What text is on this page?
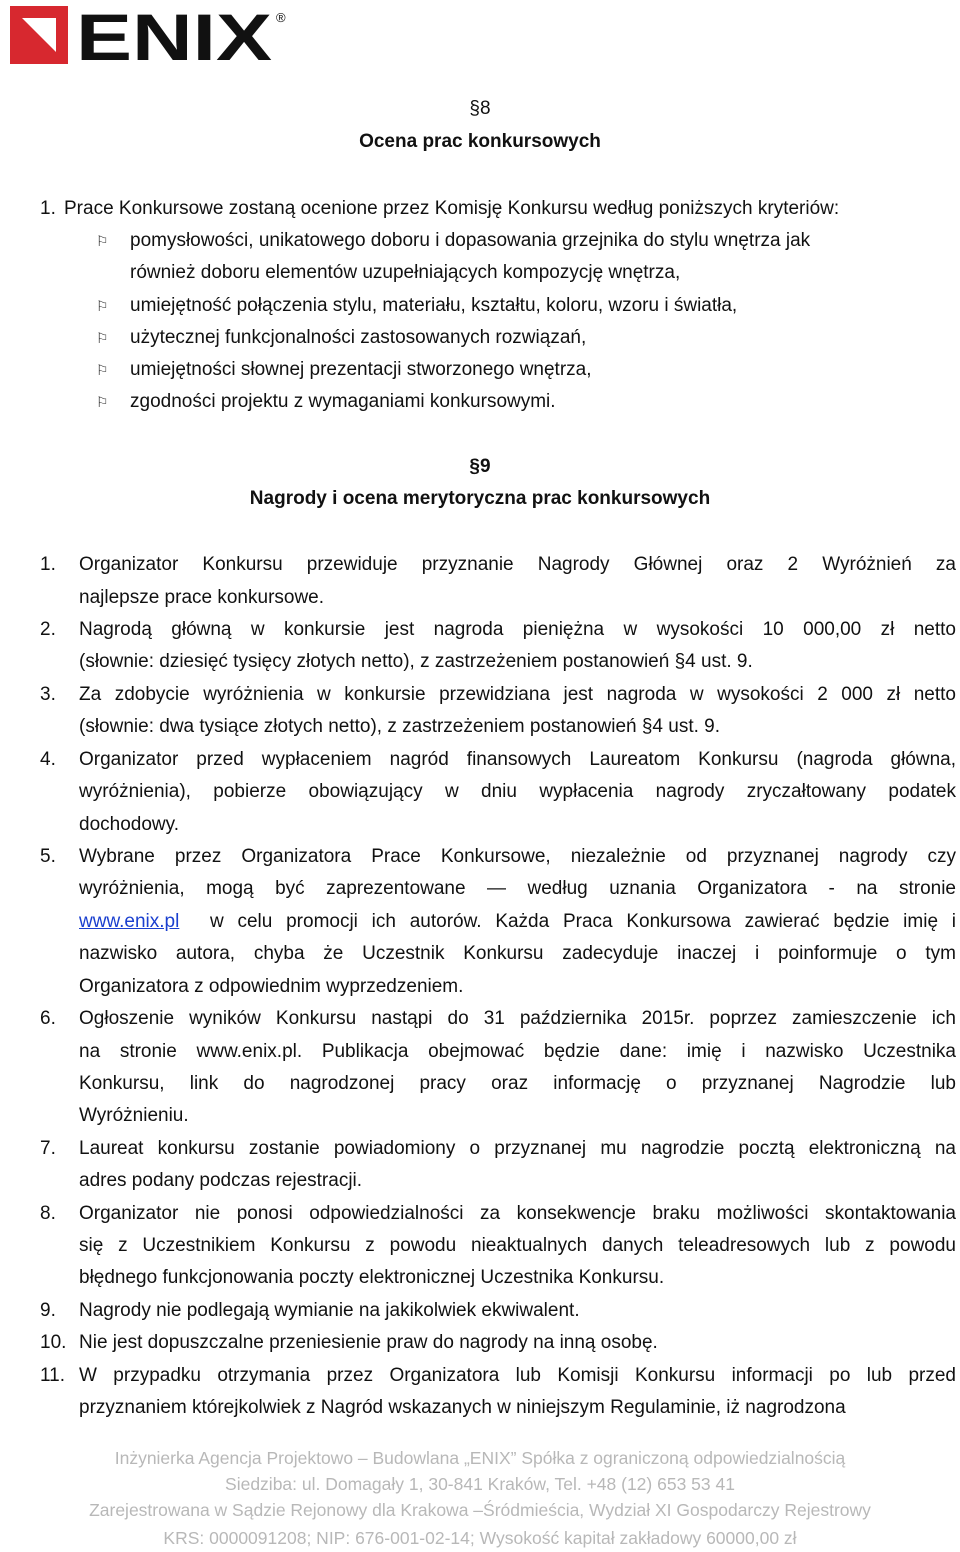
ENIX ®
§8
Ocena prac konkursowych
1. Prace Konkursowe zostaną ocenione przez Komisję Konkursu według poniższych kryteriów:
⚐ pomysłowości, unikatowego doboru i dopasowania grzejnika do stylu wnętrza jak
również doboru elementów uzupełniających kompozycję wnętrza,
⚐ umiejętność połączenia stylu, materiału, kształtu, koloru, wzoru i światła,
⚐ użytecznej funkcjonalności zastosowanych rozwiązań,
⚐ umiejętności słownej prezentacji stworzonego wnętrza,
⚐ zgodności projektu z wymaganiami konkursowymi.
§9
Nagrody i ocena merytoryczna prac konkursowych
1. Organizator Konkursu przewiduje przyznanie Nagrody Głównej oraz 2 Wyróżnień za
najlepsze prace konkursowe.
2. Nagrodą główną w konkursie jest nagroda pieniężna w wysokości 10 000,00 zł netto
(słownie: dziesięć tysięcy złotych netto), z zastrzeżeniem postanowień §4 ust. 9.
3. Za zdobycie wyróżnienia w konkursie przewidziana jest nagroda w wysokości 2 000 zł netto
(słownie: dwa tysiące złotych netto), z zastrzeżeniem postanowień §4 ust. 9.
4. Organizator przed wypłaceniem nagród finansowych Laureatom Konkursu (nagroda główna,
wyróżnienia), pobierze obowiązujący w dniu wypłacenia nagrody zryczałtowany podatek
dochodowy.
5. Wybrane przez Organizatora Prace Konkursowe, niezależnie od przyznanej nagrody czy
wyróżnienia, mogą być zaprezentowane — według uznania Organizatora - na stronie
www.enix.pl w celu promocji ich autorów. Każda Praca Konkursowa zawierać będzie imię i
nazwisko autora, chyba że Uczestnik Konkursu zadecyduje inaczej i poinformuje o tym
Organizatora z odpowiednim wyprzedzeniem.
6. Ogłoszenie wyników Konkursu nastąpi do 31 października 2015r. poprzez zamieszczenie ich
na stronie www.enix.pl. Publikacja obejmować będzie dane: imię i nazwisko Uczestnika
Konkursu, link do nagrodzonej pracy oraz informację o przyznanej Nagrodzie lub
Wyróżnieniu.
7. Laureat konkursu zostanie powiadomiony o przyznanej mu nagrodzie pocztą elektroniczną na
adres podany podczas rejestracji.
8. Organizator nie ponosi odpowiedzialności za konsekwencje braku możliwości skontaktowania
się z Uczestnikiem Konkursu z powodu nieaktualnych danych teleadresowych lub z powodu
błędnego funkcjonowania poczty elektronicznej Uczestnika Konkursu.
9. Nagrody nie podlegają wymianie na jakikolwiek ekwiwalent.
10. Nie jest dopuszczalne przeniesienie praw do nagrody na inną osobę.
11. W przypadku otrzymania przez Organizatora lub Komisji Konkursu informacji po lub przed
przyznaniem którejkolwiek z Nagród wskazanych w niniejszym Regulaminie, iż nagrodzona
Inżynierka Agencja Projektowo – Budowlana „ENIX” Spółka z ograniczoną odpowiedzialnością
Siedziba: ul. Domagały 1, 30-841 Kraków, Tel. +48 (12) 653 53 41
Zarejestrowana w Sądzie Rejonowy dla Krakowa –Śródmieścia, Wydział XI Gospodarczy Rejestrowy
KRS: 0000091208; NIP: 676-001-02-14; Wysokość kapitał zakładowy 60000,00 zł
